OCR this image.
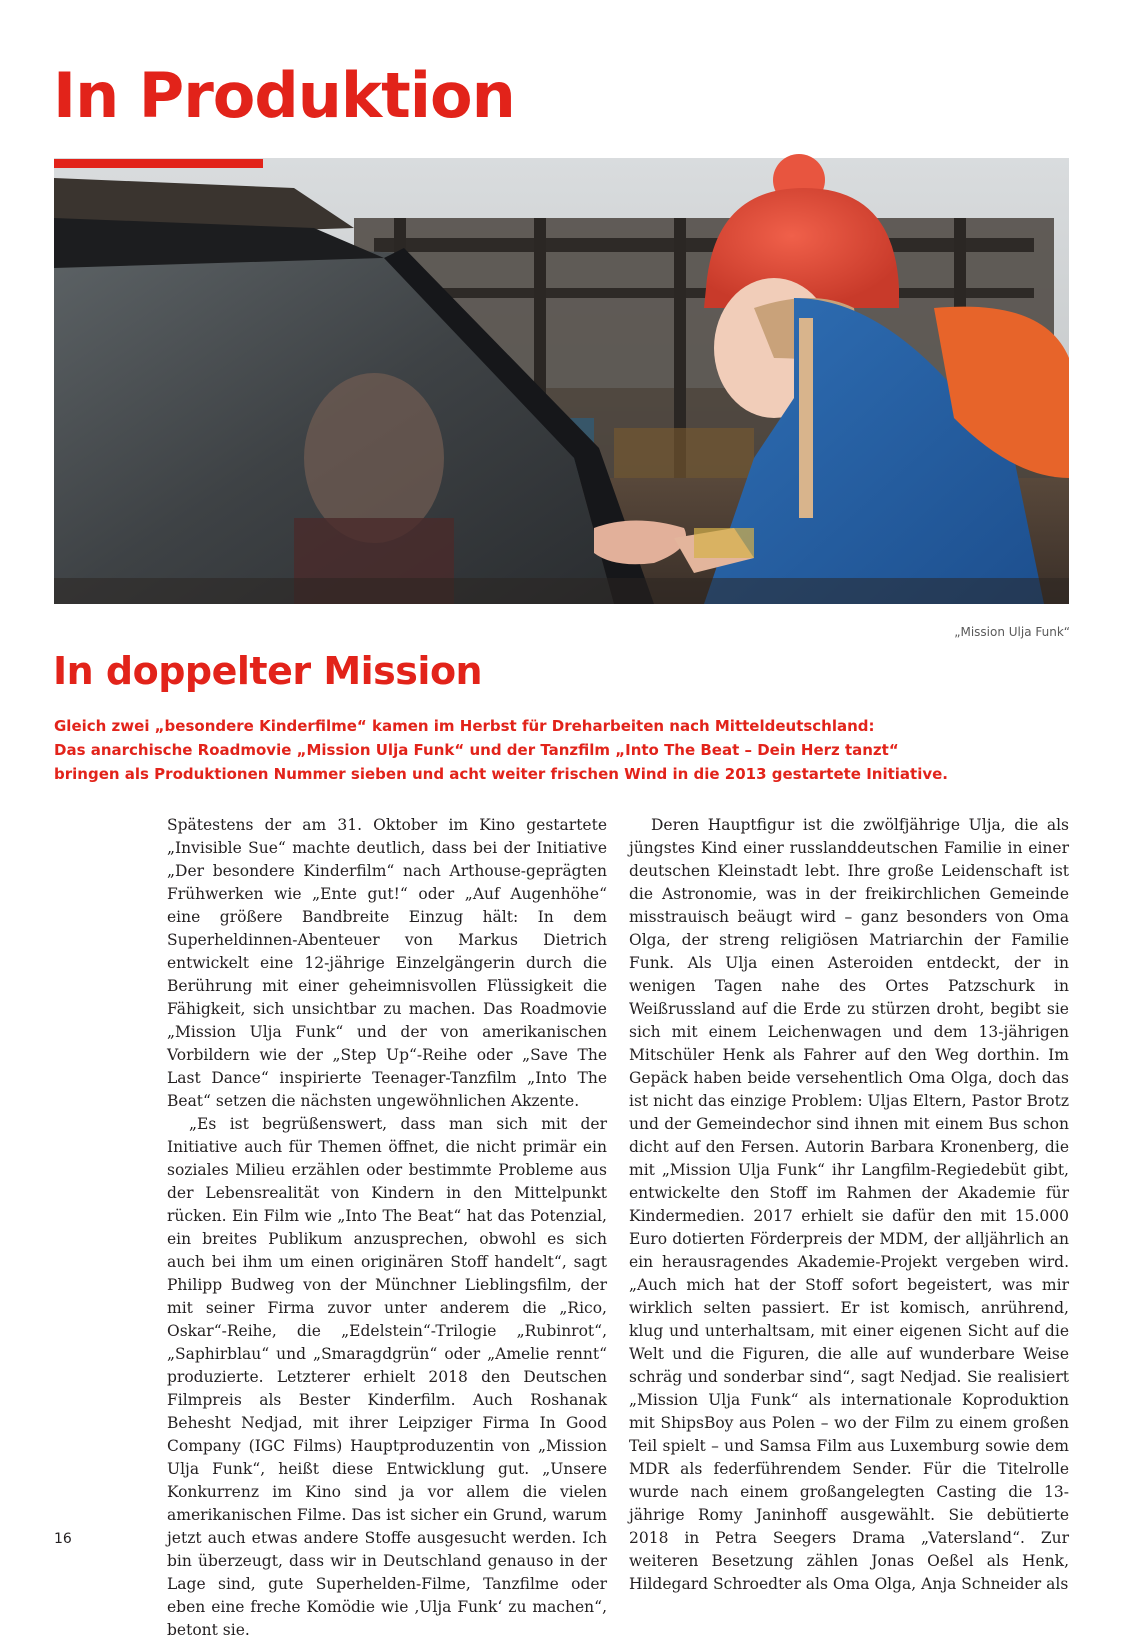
In Produktion

„Mission Ulja Funk“

In doppelter Mission
Gleich zwei „besondere Kinderfilme“ kamen im Herbst für Dreharbeiten nach Mitteldeutschland:
Das anarchische Roadmovie „Mission Ulja Funk“ und der Tanzfilm „Into The Beat – Dein Herz tanzt“
bringen als Produktionen Nummer sieben und acht weiter frischen Wind in die 2013 gestartete Initiative.

Spätestens der am 31. Oktober im Kino gestartete „Invisible Sue“ machte deutlich, dass bei der Initiative „Der besondere Kinderfilm“ nach Arthouse-geprägten Frühwerken wie „Ente gut!“ oder „Auf Augenhöhe“ eine größere Bandbreite Einzug hält: In dem Superheldinnen-Abenteuer von Markus Dietrich entwickelt eine 12-jährige Einzelgängerin durch die Berührung mit einer geheimnisvollen Flüssigkeit die Fähigkeit, sich unsichtbar zu machen. Das Roadmovie „Mission Ulja Funk“ und der von amerikanischen Vorbildern wie der „Step Up“-Reihe oder „Save The Last Dance“ inspirierte Teenager-Tanzfilm „Into The Beat“ setzen die nächsten ungewöhnlichen Akzente.

„Es ist begrüßenswert, dass man sich mit der Initiative auch für Themen öffnet, die nicht primär ein soziales Milieu erzählen oder bestimmte Probleme aus der Lebensrealität von Kindern in den Mittelpunkt rücken. Ein Film wie „Into The Beat“ hat das Potenzial, ein breites Publikum anzusprechen, obwohl es sich auch bei ihm um einen originären Stoff handelt“, sagt Philipp Budweg von der Münchner Lieblingsfilm, der mit seiner Firma zuvor unter anderem die „Rico, Oskar“-Reihe, die „Edelstein“-Trilogie „Rubinrot“, „Saphirblau“ und „Smaragdgrün“ oder „Amelie rennt“ produzierte. Letzterer erhielt 2018 den Deutschen Filmpreis als Bester Kinderfilm. Auch Roshanak Behesht Nedjad, mit ihrer Leipziger Firma In Good Company (IGC Films) Hauptproduzentin von „Mission Ulja Funk“, heißt diese Entwicklung gut. „Unsere Konkurrenz im Kino sind ja vor allem die vielen amerikanischen Filme. Das ist sicher ein Grund, warum jetzt auch etwas andere Stoffe ausgesucht werden. Ich bin überzeugt, dass wir in Deutschland genauso in der Lage sind, gute Superhelden-Filme, Tanzfilme oder eben eine freche Komödie wie ‚Ulja Funk‘ zu machen“, betont sie.

Deren Hauptfigur ist die zwölfjährige Ulja, die als jüngstes Kind einer russlanddeutschen Familie in einer deutschen Kleinstadt lebt. Ihre große Leidenschaft ist die Astronomie, was in der freikirchlichen Gemeinde misstrauisch beäugt wird – ganz besonders von Oma Olga, der streng religiösen Matriarchin der Familie Funk. Als Ulja einen Asteroiden entdeckt, der in wenigen Tagen nahe des Ortes Patzschurk in Weißrussland auf die Erde zu stürzen droht, begibt sie sich mit einem Leichenwagen und dem 13-jährigen Mitschüler Henk als Fahrer auf den Weg dorthin. Im Gepäck haben beide versehentlich Oma Olga, doch das ist nicht das einzige Problem: Uljas Eltern, Pastor Brotz und der Gemeindechor sind ihnen mit einem Bus schon dicht auf den Fersen. Autorin Barbara Kronenberg, die mit „Mission Ulja Funk“ ihr Langfilm-Regiedebüt gibt, entwickelte den Stoff im Rahmen der Akademie für Kindermedien. 2017 erhielt sie dafür den mit 15.000 Euro dotierten Förderpreis der MDM, der alljährlich an ein herausragendes Akademie-Projekt vergeben wird. „Auch mich hat der Stoff sofort begeistert, was mir wirklich selten passiert. Er ist komisch, anrührend, klug und unterhaltsam, mit einer eigenen Sicht auf die Welt und die Figuren, die alle auf wunderbare Weise schräg und sonderbar sind“, sagt Nedjad. Sie realisiert „Mission Ulja Funk“ als internationale Koproduktion mit ShipsBoy aus Polen – wo der Film zu einem großen Teil spielt – und Samsa Film aus Luxemburg sowie dem MDR als federführendem Sender. Für die Titelrolle wurde nach einem großangelegten Casting die 13-jährige Romy Janinhoff ausgewählt. Sie debütierte 2018 in Petra Seegers Drama „Vatersland“. Zur weiteren Besetzung zählen Jonas Oeßel als Henk, Hildegard Schroedter als Oma Olga, Anja Schneider als

16
